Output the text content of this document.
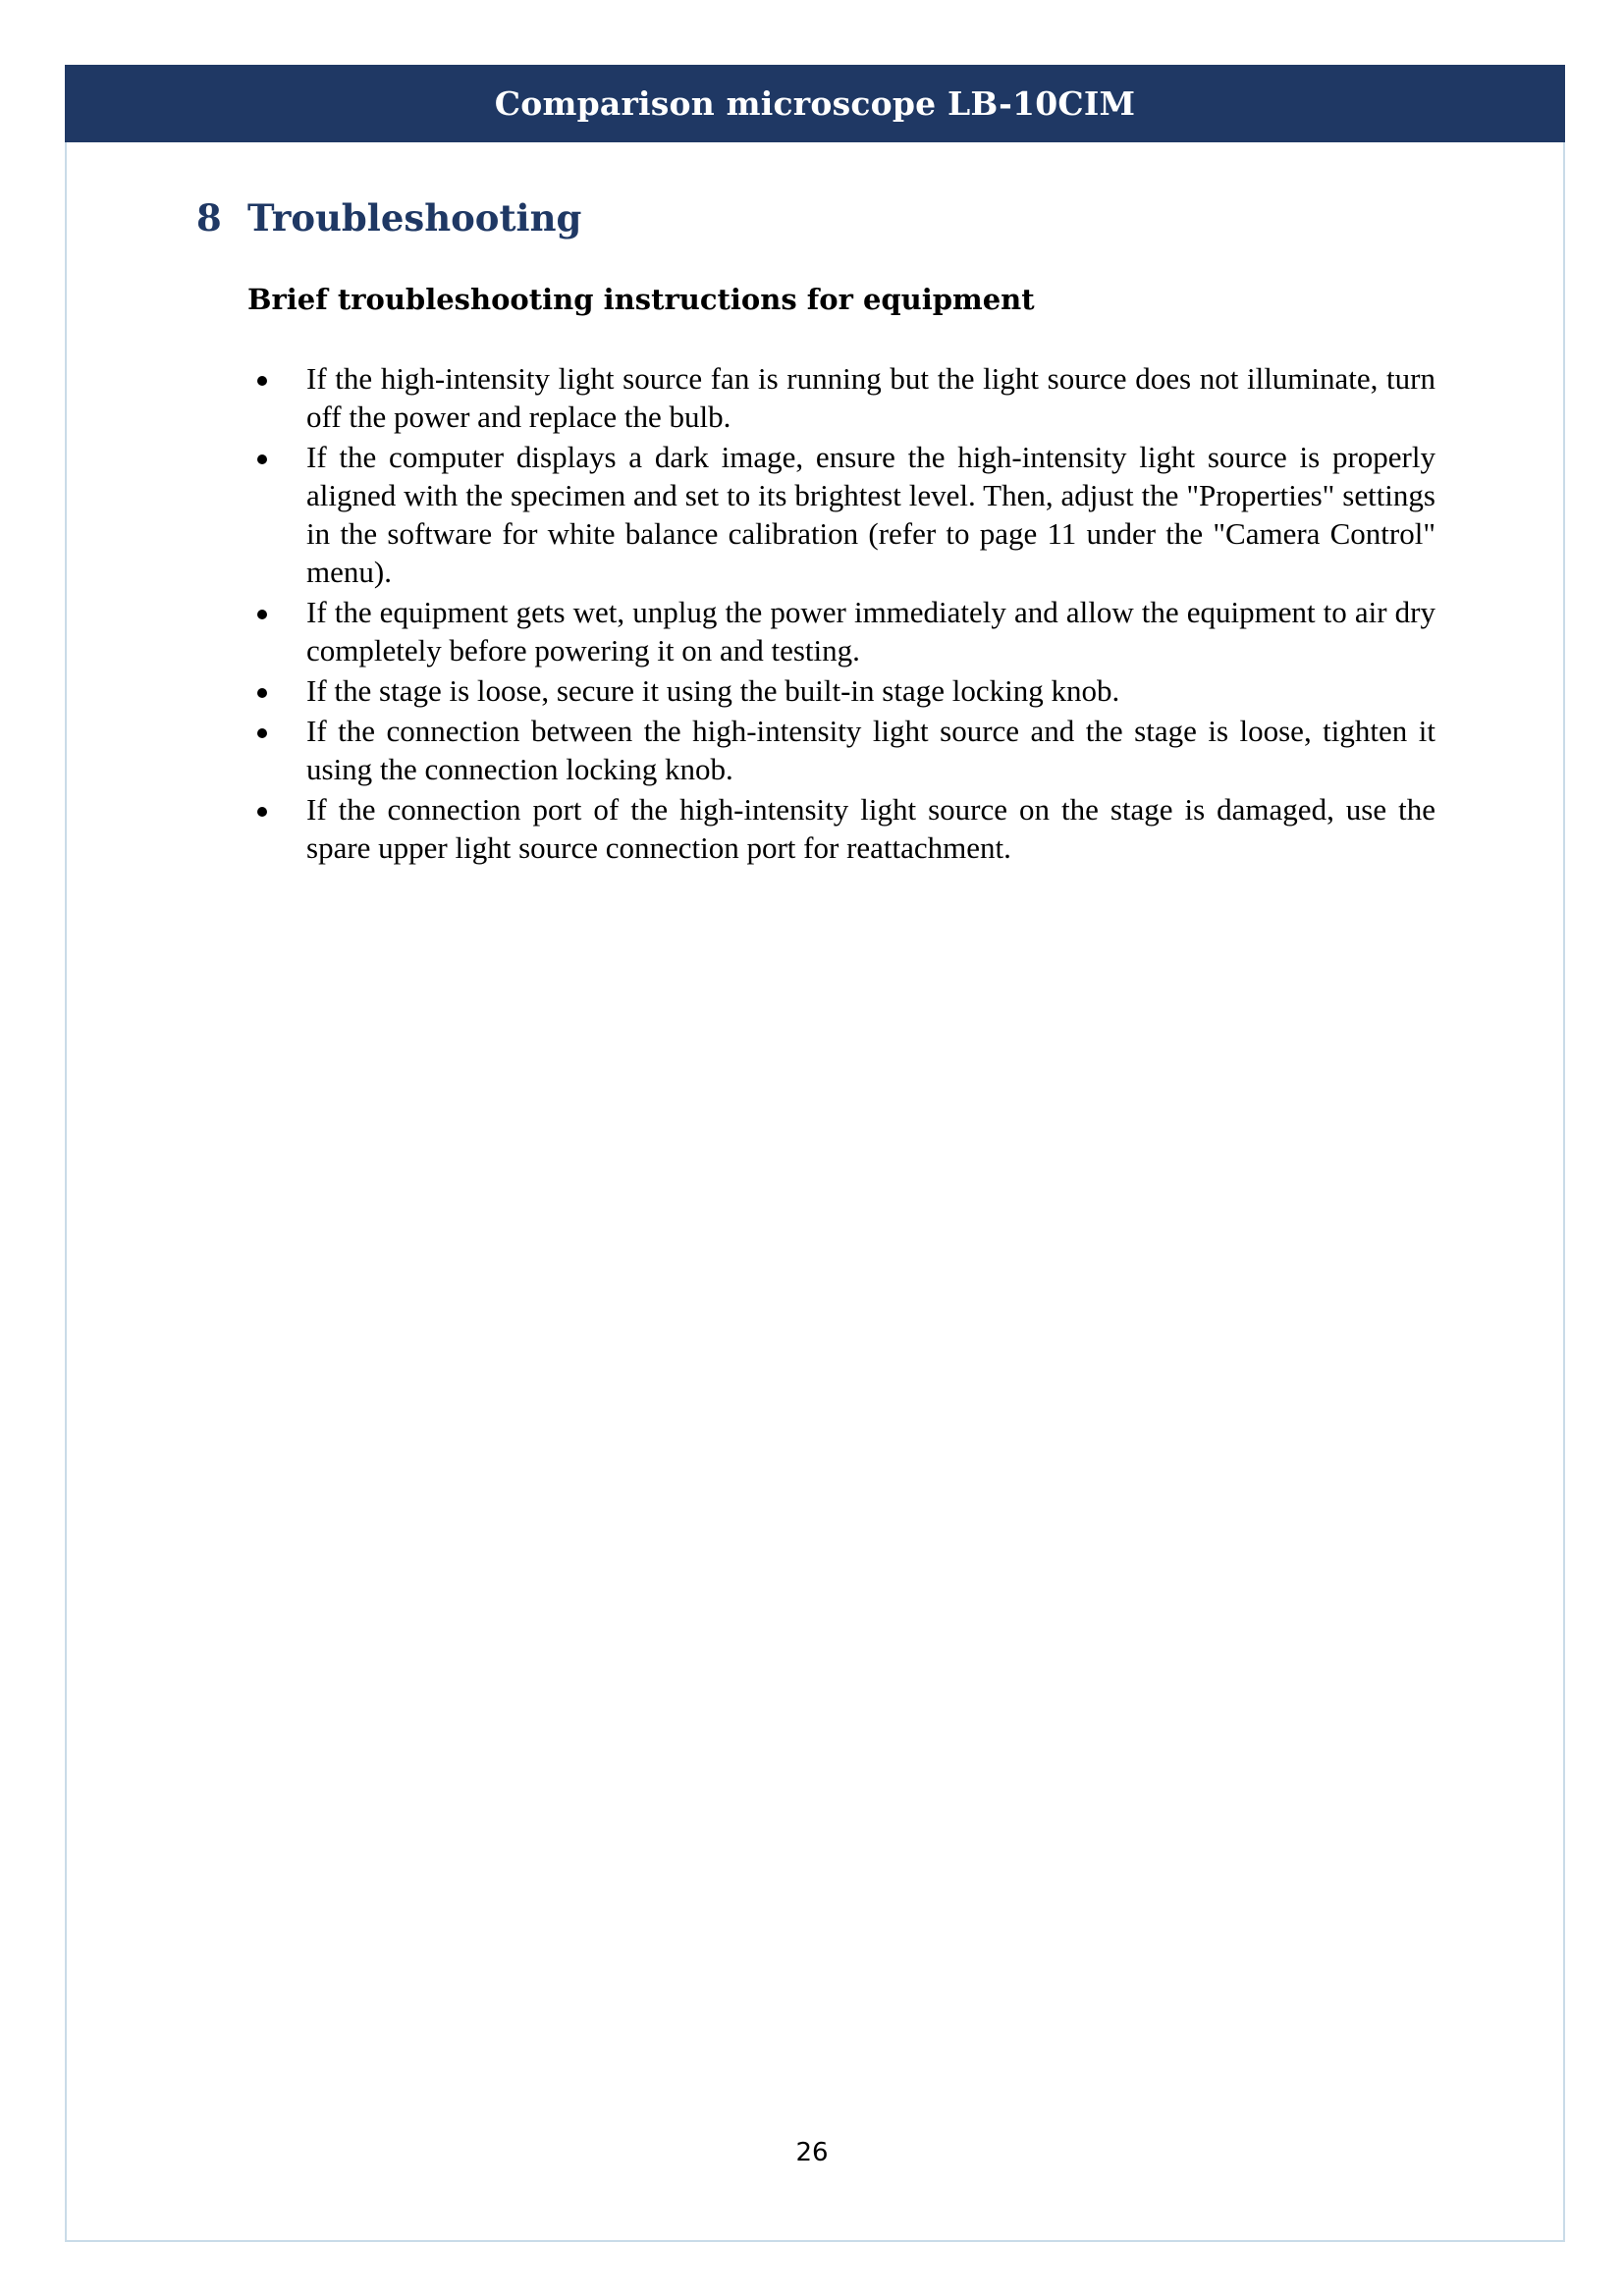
Comparison microscope LB-10CIM
8 Troubleshooting
Brief troubleshooting instructions for equipment
If the high-intensity light source fan is running but the light source does not illuminate, turn off the power and replace the bulb.
If the computer displays a dark image, ensure the high-intensity light source is properly aligned with the specimen and set to its brightest level. Then, adjust the "Properties" settings in the software for white balance calibration (refer to page 11 under the "Camera Control" menu).
If the equipment gets wet, unplug the power immediately and allow the equipment to air dry completely before powering it on and testing.
If the stage is loose, secure it using the built-in stage locking knob.
If the connection between the high-intensity light source and the stage is loose, tighten it using the connection locking knob.
If the connection port of the high-intensity light source on the stage is damaged, use the spare upper light source connection port for reattachment.
26
